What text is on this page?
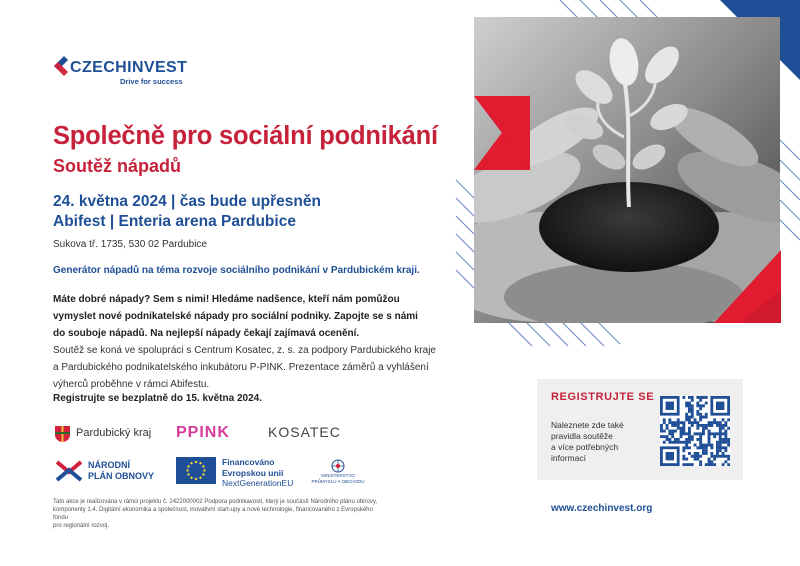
CZECHINVEST
Drive for success
Společně pro sociální podnikání
Soutěž nápadů
24. května 2024 | čas bude upřesněn
Abifest | Enteria arena Pardubice
Sukova tř. 1735, 530 02 Pardubice
Generátor nápadů na téma rozvoje sociálního podnikání v Pardubickém kraji.
Máte dobré nápady? Sem s nimi! Hledáme nadšence, kteří nám pomůžou
vymyslet nové podnikatelské nápady pro sociální podniky. Zapojte se s námi
do souboje nápadů. Na nejlepší nápady čekají zajímavá ocenění.
Soutěž se koná ve spolupráci s Centrum Kosatec, z. s. za podpory Pardubického kraje
a Pardubického podnikatelského inkubátoru P-PINK. Prezentace záměrů a vyhlášení
výherců proběhne v rámci Abifestu.
Registrujte se bezplatně do 15. května 2024.
Pardubický kraj PPINK	KOSATEC
NÁRODNÍ
PLÁN OBNOVY
Financováno
Evropskou unií
NextGenerationEU
MINISTERSTVO
PRŮMYSLU A OBCHODU
Tato akce je realizována v rámci projektu č. 2422000002 Podpora podnikavosti, který je součástí Národního plánu obnovy,
komponenty 1.4. Digitální ekonomika a společnost, inovativní start-upy a nové technologie, financovaného z Evropského fondu
pro regionální rozvoj.
REGISTRUJTE SE
Naleznete zde také
pravidla soutěže
a více potřebných
informací
www.czechinvest.org
